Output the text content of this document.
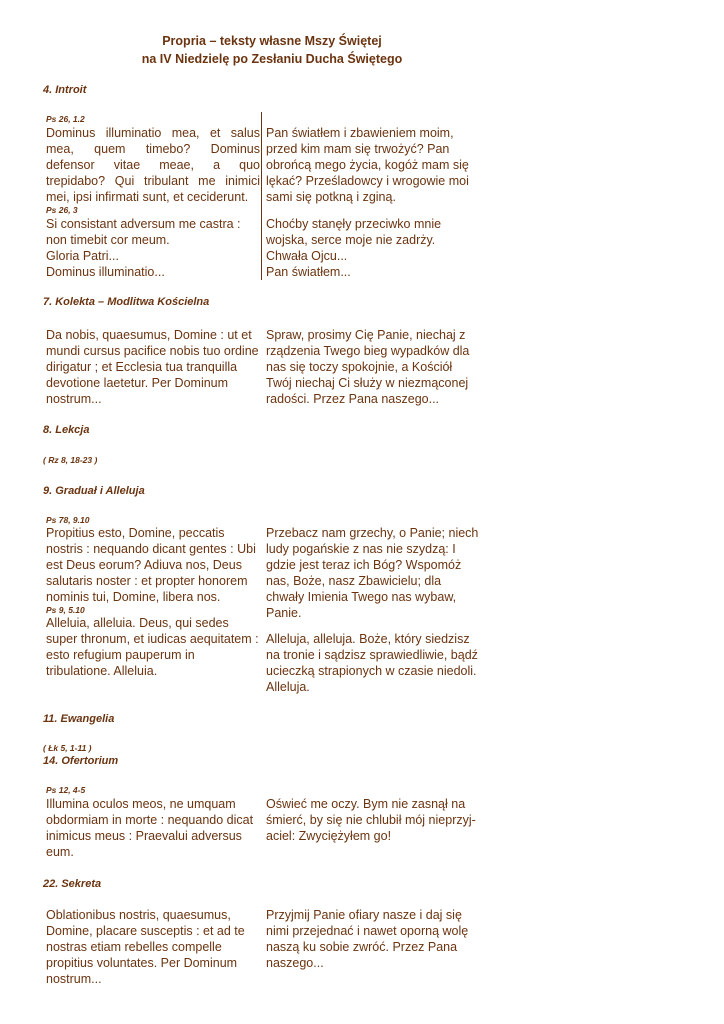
Propria – teksty własne Mszy Świętej
na IV Niedzielę po Zesłaniu Ducha Świętego
4. Introit
Ps 26, 1.2

Dominus illuminatio mea, et salus mea, quem timebo? Dominus defensor vitae meae, a quo trepidabo? Qui tribulant me inimici mei, ipsi infirmati sunt, et ceciderunt.

Pan światłem i zbawieniem moim, przed kim mam się trwożyć? Pan obrońcą mego życia, kogóż mam się lękać? Prześladowcy i wrogowie moi sami się potkną i zginą.

Ps 26, 3

Si consistant adversum me castra : non timebit cor meum.

Choćby stanęły przeciwko mnie wojska, serce moje nie zadrży.

Gloria Patri...	Chwała Ojcu...

Dominus illuminatio...	Pan światłem...

7. Kolekta – Modlitwa Kościelna

Da nobis, quaesumus, Domine : ut et mundi cursus pacifice nobis tuo ordine dirigatur ; et Ecclesia tua tranquilla devotione laetetur. Per Dominum nostrum...

Spraw, prosimy Cię Panie, niechaj z rządzenia Twego bieg wypadków dla nas się toczy spokojnie, a Kościół Twój niechaj Ci służy w niezmąconej radości. Przez Pana naszego...

8. Lekcja
( Rz 8, 18-23 )
9. Graduał i Alleluja
Ps 78, 9.10

Propitius esto, Domine, peccatis nostris : nequando dicant gentes : Ubi est Deus eorum? Adiuva nos, Deus salutaris noster : et propter honorem nominis tui, Domine, libera nos.

Przebacz nam grzechy, o Panie; niech ludy pogańskie z nas nie szydzą: I gdzie jest teraz ich Bóg? Wspomóż nas, Boże, nasz Zbawicielu; dla chwały Imienia Twego nas wybaw, Panie.

Ps 9, 5.10

Alleluia, alleluia. Deus, qui sedes super thronum, et iudicas aequitatem : esto refugium pauperum in tribulatione. Alleluia.

Alleluja, alleluja. Boże, który siedzisz na tronie i sądzisz sprawiedliwie, bądź ucieczką strapionych w czasie niedoli. Alleluja.

11. Ewangelia
( Łk 5, 1-11 )
14. Ofertorium
Ps 12, 4-5

Illumina oculos meos, ne umquam obdormiam in morte : nequando dicat inimicus meus : Praevalui adversus eum.

Oświeć me oczy. Bym nie zasnął na śmierć, by się nie chlubił mój nieprzyj-aciel: Zwyciężyłem go!

22. Sekreta

Oblationibus nostris, quaesumus, Domine, placare susceptis : et ad te nostras etiam rebelles compelle propitius voluntates. Per Dominum nostrum...

Przyjmij Panie ofiary nasze i daj się nimi przejednać i nawet oporną wolę naszą ku sobie zwróć. Przez Pana naszego...
